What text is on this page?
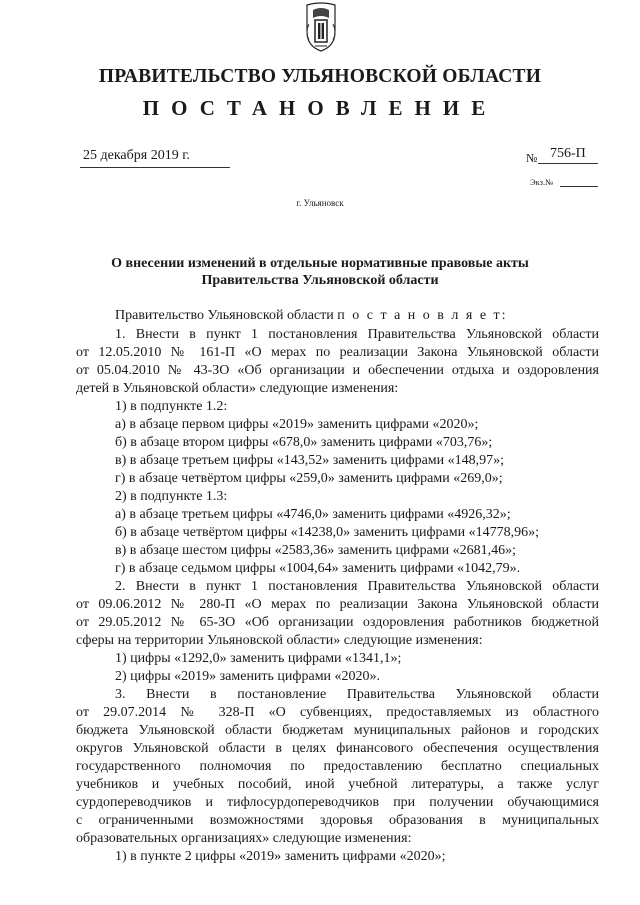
ПРАВИТЕЛЬСТВО УЛЬЯНОВСКОЙ ОБЛАСТИ
ПОСТАНОВЛЕНИЕ
25 декабря 2019 г.	№ 756-П
Экз.№
г. Ульяновск
О внесении изменений в отдельные нормативные правовые акты
Правительства Ульяновской области
Правительство Ульяновской области п о с т а н о в л я е т:
1. Внести в пункт 1 постановления Правительства Ульяновской области
от 12.05.2010 № 161-П «О мерах по реализации Закона Ульяновской области
от 05.04.2010 № 43-ЗО «Об организации и обеспечении отдыха и оздоровления
детей в Ульяновской области» следующие изменения:
1) в подпункте 1.2:
а) в абзаце первом цифры «2019» заменить цифрами «2020»;
б) в абзаце втором цифры «678,0» заменить цифрами «703,76»;
в) в абзаце третьем цифры «143,52» заменить цифрами «148,97»;
г) в абзаце четвёртом цифры «259,0» заменить цифрами «269,0»;
2) в подпункте 1.3:
а) в абзаце третьем цифры «4746,0» заменить цифрами «4926,32»;
б) в абзаце четвёртом цифры «14238,0» заменить цифрами «14778,96»;
в) в абзаце шестом цифры «2583,36» заменить цифрами «2681,46»;
г) в абзаце седьмом цифры «1004,64» заменить цифрами «1042,79».
2. Внести в пункт 1 постановления Правительства Ульяновской области
от 09.06.2012 № 280-П «О мерах по реализации Закона Ульяновской области
от 29.05.2012 № 65-ЗО «Об организации оздоровления работников бюджетной
сферы на территории Ульяновской области» следующие изменения:
1) цифры «1292,0» заменить цифрами «1341,1»;
2) цифры «2019» заменить цифрами «2020».
3. Внести в постановление Правительства Ульяновской области
от 29.07.2014 № 328-П «О субвенциях, предоставляемых из областного
бюджета Ульяновской области бюджетам муниципальных районов и городских
округов Ульяновской области в целях финансового обеспечения осуществления
государственного полномочия по предоставлению бесплатно специальных
учебников и учебных пособий, иной учебной литературы, а также услуг
сурдопереводчиков и тифлосурдопереводчиков при получении обучающимися
с ограниченными возможностями здоровья образования в муниципальных
образовательных организациях» следующие изменения:
1) в пункте 2 цифры «2019» заменить цифрами «2020»;
